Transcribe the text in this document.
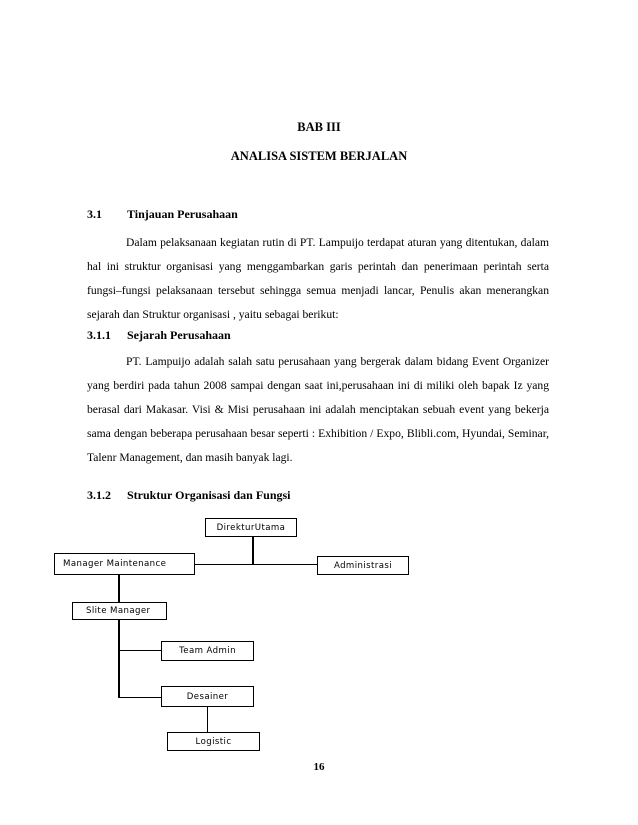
BAB III
ANALISA SISTEM BERJALAN
3.1 Tinjauan Perusahaan
Dalam pelaksanaan kegiatan rutin di PT. Lampuijo terdapat aturan yang ditentukan, dalam hal ini struktur organisasi yang menggambarkan garis perintah dan penerimaan perintah serta fungsi–fungsi pelaksanaan tersebut sehingga semua menjadi lancar, Penulis akan menerangkan sejarah dan Struktur organisasi , yaitu sebagai berikut:
3.1.1 Sejarah Perusahaan
PT. Lampuijo adalah salah satu perusahaan yang bergerak dalam bidang Event Organizer yang berdiri pada tahun 2008 sampai dengan saat ini,perusahaan ini di miliki oleh bapak Iz yang berasal dari Makasar. Visi & Misi perusahaan ini adalah menciptakan sebuah event yang bekerja sama dengan beberapa perusahaan besar seperti : Exhibition / Expo, Blibli.com, Hyundai, Seminar, Talenr Management, dan masih banyak lagi.
3.1.2 Struktur Organisasi dan Fungsi
DirekturUtama
Manager Maintenance	Administrasi
Slite Manager
Team Admin
Desainer
Logistic
16
